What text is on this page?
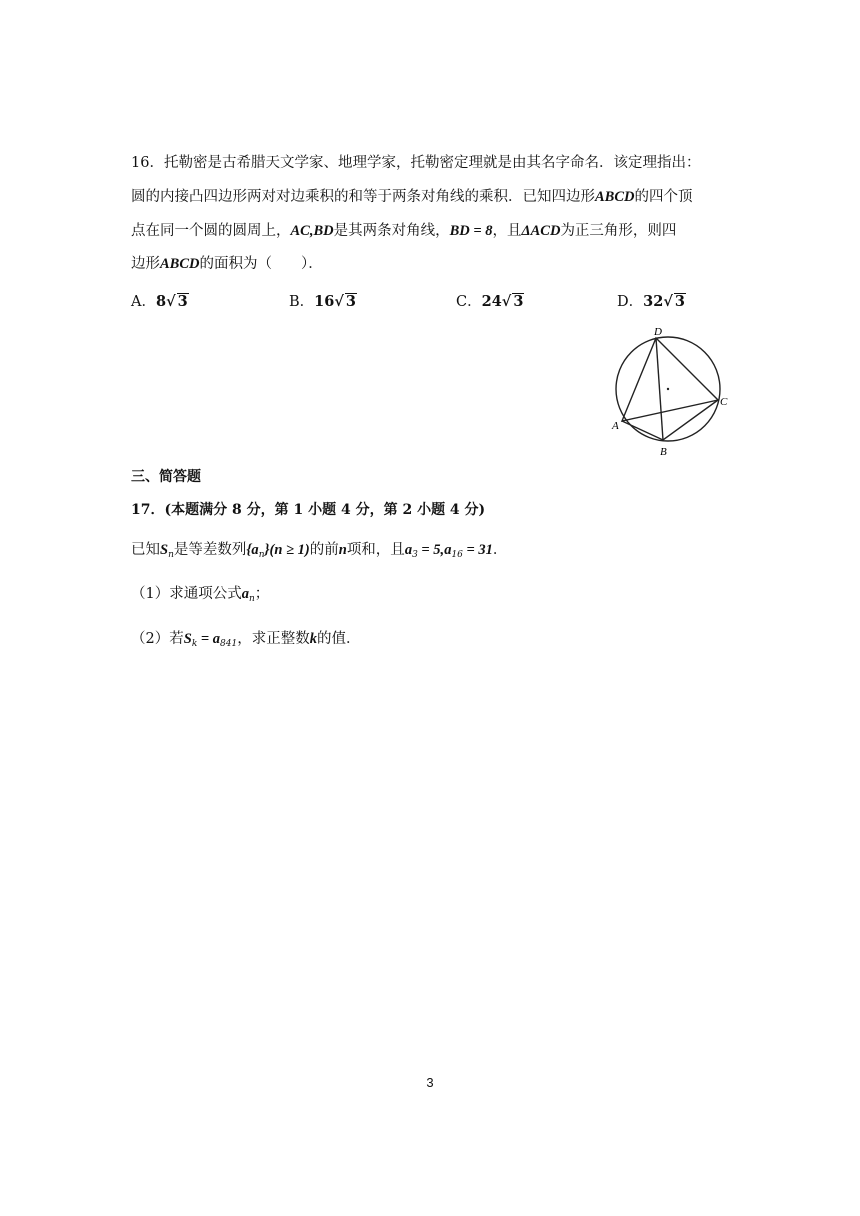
16．托勒密是古希腊天文学家、地理学家，托勒密定理就是由其名字命名．该定理指出：
圆的内接凸四边形两对对边乘积的和等于两条对角线的乘积．已知四边形ABCD的四个顶
点在同一个圆的圆周上，AC,BD是其两条对角线，BD = 8，且ΔACD为正三角形，则四
边形ABCD的面积为（　　）．
A．8√ 3	B．16√ 3	C．24√ 3	D．32√ 3
D
C
A
B
三、简答题
17．(本题满分 8 分，第 1 小题 4 分，第 2 小题 4 分)
已知$S_n$是等差数列$\{a_n\}(n \ge 1)$的前n项和，且$a_3 = 5,a_{16} = 31$．
（1）求通项公式$a_n$；
（2）若$S_k = a_{841}$，求正整数k的值．
3
